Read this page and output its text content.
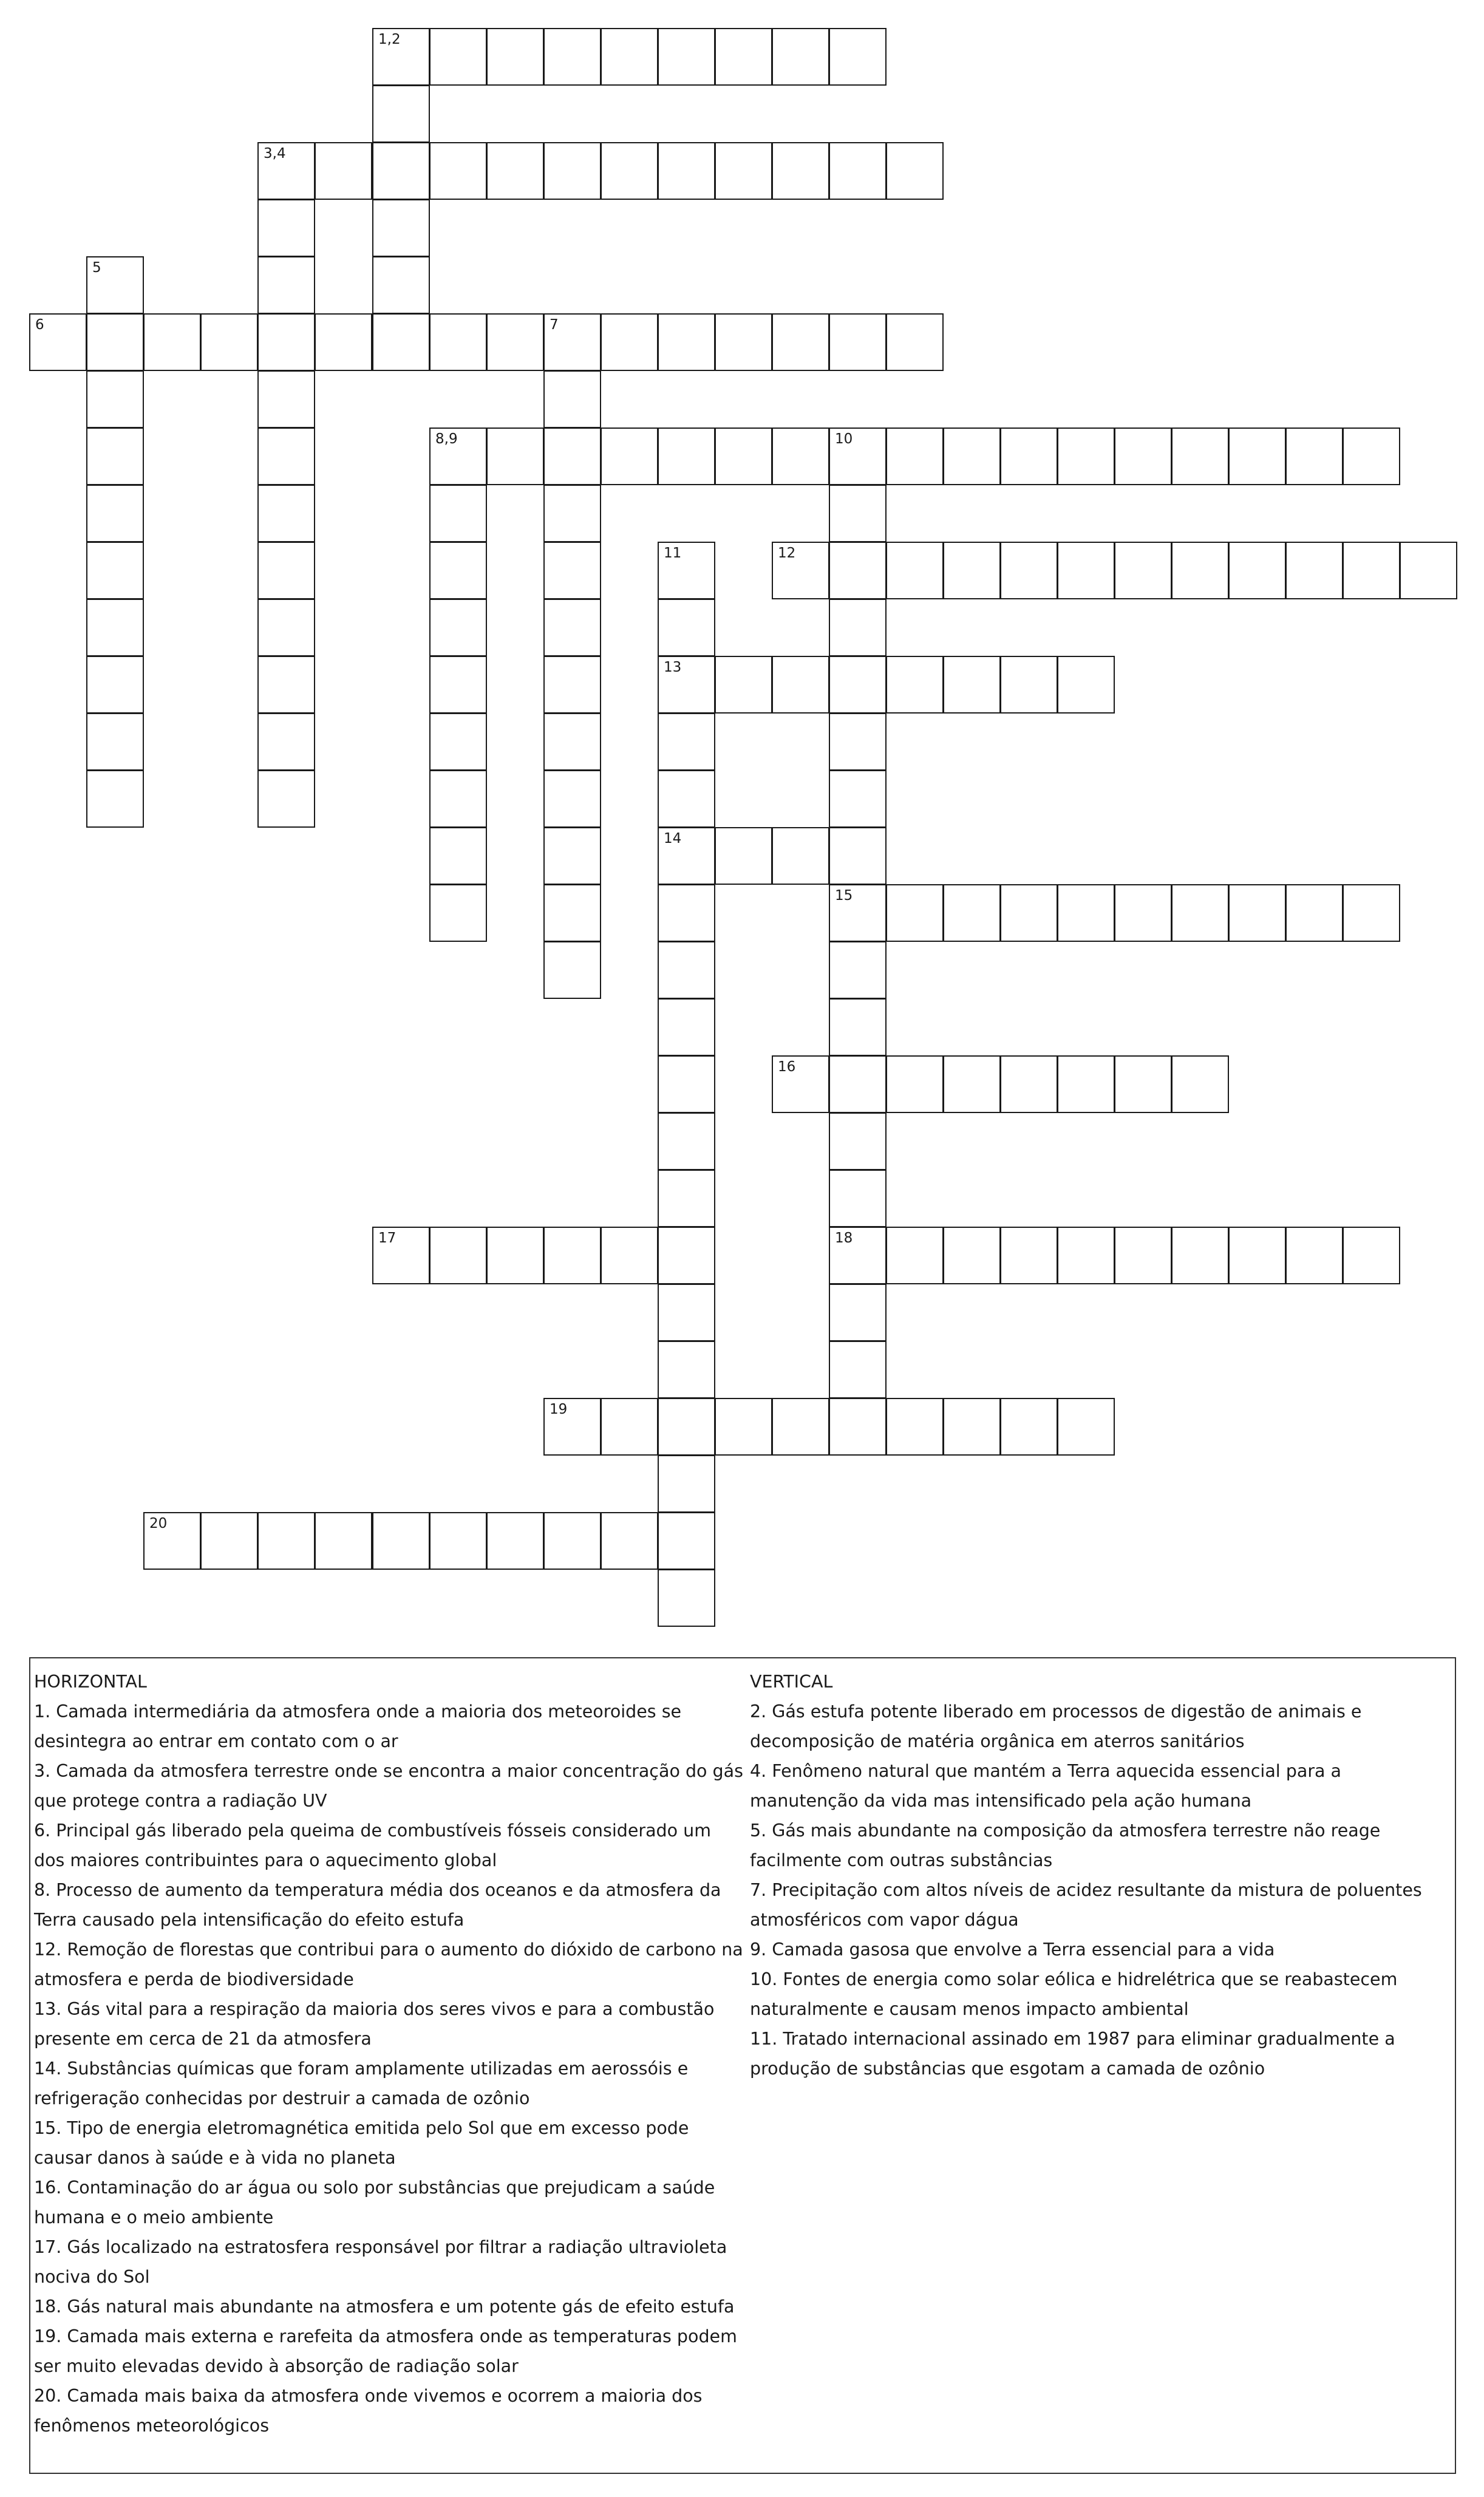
1,2
3,4
5
6	7
8,9	10
11	12
13
14
15
16
17	18
19
20

HORIZONTAL

1. Camada intermediária da atmosfera onde a maioria dos meteoroides se desintegra ao entrar em contato com o ar

3. Camada da atmosfera terrestre onde se encontra a maior concentração do gás que protege contra a radiação UV

6. Principal gás liberado pela queima de combustíveis fósseis considerado um dos maiores contribuintes para o aquecimento global

8. Processo de aumento da temperatura média dos oceanos e da atmosfera da Terra causado pela intensificação do efeito estufa

12. Remoção de florestas que contribui para o aumento do dióxido de carbono na atmosfera e perda de biodiversidade

13. Gás vital para a respiração da maioria dos seres vivos e para a combustão presente em cerca de 21 da atmosfera

14. Substâncias químicas que foram amplamente utilizadas em aerossóis e refrigeração conhecidas por destruir a camada de ozônio

15. Tipo de energia eletromagnética emitida pelo Sol que em excesso pode causar danos à saúde e à vida no planeta

16. Contaminação do ar água ou solo por substâncias que prejudicam a saúde humana e o meio ambiente

17. Gás localizado na estratosfera responsável por filtrar a radiação ultravioleta nociva do Sol

18. Gás natural mais abundante na atmosfera e um potente gás de efeito estufa

19. Camada mais externa e rarefeita da atmosfera onde as temperaturas podem ser muito elevadas devido à absorção de radiação solar

20. Camada mais baixa da atmosfera onde vivemos e ocorrem a maioria dos fenômenos meteorológicos

VERTICAL

2. Gás estufa potente liberado em processos de digestão de animais e decomposição de matéria orgânica em aterros sanitários

4. Fenômeno natural que mantém a Terra aquecida essencial para a manutenção da vida mas intensificado pela ação humana

5. Gás mais abundante na composição da atmosfera terrestre não reage facilmente com outras substâncias

7. Precipitação com altos níveis de acidez resultante da mistura de poluentes atmosféricos com vapor dágua

9. Camada gasosa que envolve a Terra essencial para a vida

10. Fontes de energia como solar eólica e hidrelétrica que se reabastecem naturalmente e causam menos impacto ambiental

11. Tratado internacional assinado em 1987 para eliminar gradualmente a produção de substâncias que esgotam a camada de ozônio
